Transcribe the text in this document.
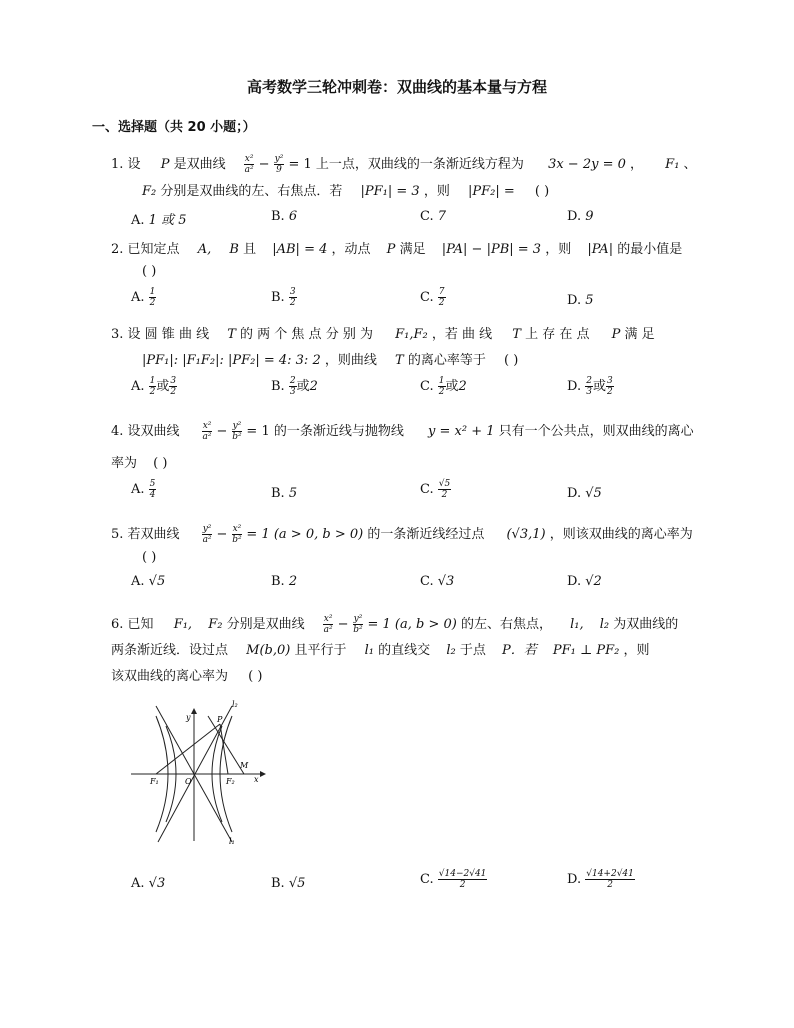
高考数学三轮冲刺卷：双曲线的基本量与方程
一、选择题（共 20 小题；）
1. 设 P 是双曲线 $\frac{\text{x²}}{\text{a²}} - \frac{\text{y²}}{9} = 1$ 上一点，双曲线的一条渐近线方程为 3x − 2y = 0 ， F₁ 、
F₂ 分别是双曲线的左、右焦点．若 |PF₁| = 3 ，则 |PF₂| = ( )
A. 1 或 5	B. 6	C. 7	D. 9
2. 已知定点 A, B 且 |AB| = 4 ，动点 P 满足 |PA| − |PB| = 3 ，则 |PA| 的最小值是
( )
A. $\frac{1}{2}$	B. $\frac{3}{2}$	C. $\frac{7}{2}$	D. 5
3. 设 圆 锥 曲 线 T 的 两 个 焦 点 分 别 为 F₁,F₂ ，若 曲 线 T 上 存 在 点 P 满 足
|PF₁|: |F₁F₂|: |PF₂| = 4: 3: 2 ，则曲线 T 的离心率等于 ( )
A. $\frac{1}{2}$ 或 $\frac{3}{2}$	B. $\frac{2}{3}$ 或2	C. $\frac{1}{2}$ 或2	D. $\frac{2}{3}$ 或 $\frac{3}{2}$
4. 设双曲线 $\frac{\text{x²}}{\text{a²}} - \frac{\text{y²}}{\text{b²}} = 1$ 的一条渐近线与抛物线 y = x² + 1 只有一个公共点，则双曲线的离心
率为 ( )
A. $\frac{5}{4}$	B. 5	C. $\frac{√5}{2}$	D. √5
5. 若双曲线 $\frac{\text{y²}}{\text{a²}} - \frac{\text{x²}}{\text{b²}} = 1$ (a > 0, b > 0) 的一条渐近线经过点 (√3,1) ，则该双曲线的离心率为
( )
A. √5	B. 2	C. √3	D. √2
6. 已知 F₁, F₂ 分别是双曲线 $\frac{\text{x²}}{\text{a²}} - \frac{\text{y²}}{\text{b²}} = 1$ (a, b > 0) 的左、右焦点， l₁, l₂ 为双曲线的
两条渐近线．设过点 M(b,0) 且平行于 l₁ 的直线交 l₂ 于点 P．若 PF₁ ⊥ PF₂ ，则
该双曲线的离心率为 ( )
y
x
O
F₁	F₂
P
M
l₂
l₁
A. √3	B. √5	C. $\frac{√14-2√41}{2}$	D. $\frac{√14+2√41}{2}$
